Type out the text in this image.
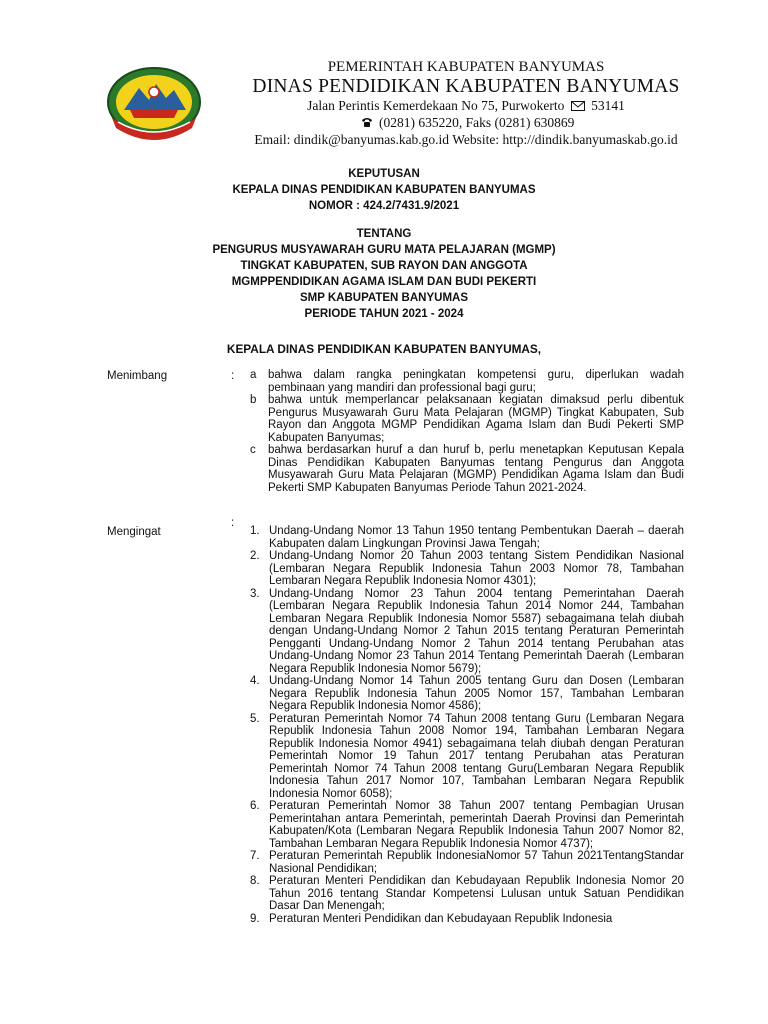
PEMERINTAH KABUPATEN BANYUMAS
DINAS PENDIDIKAN KABUPATEN BANYUMAS
Jalan Perintis Kemerdekaan No 75, Purwokerto 53141
(0281) 635220, Faks (0281) 630869
Email: dindik@banyumas.kab.go.id Website: http://dindik.banyumaskab.go.id
KEPUTUSAN
KEPALA DINAS PENDIDIKAN KABUPATEN BANYUMAS
NOMOR : 424.2/7431.9/2021
TENTANG
PENGURUS MUSYAWARAH GURU MATA PELAJARAN (MGMP)
TINGKAT KABUPATEN, SUB RAYON DAN ANGGOTA
MGMPPENDIDIKAN AGAMA ISLAM DAN BUDI PEKERTI
SMP KABUPATEN BANYUMAS
PERIODE TAHUN 2021 - 2024
KEPALA DINAS PENDIDIKAN KABUPATEN BANYUMAS,
Menimbang	: a bahwa dalam rangka peningkatan kompetensi guru, diperlukan wadah pembinaan yang mandiri dan professional bagi guru;
b bahwa untuk memperlancar pelaksanaan kegiatan dimaksud perlu dibentuk Pengurus Musyawarah Guru Mata Pelajaran (MGMP) Tingkat Kabupaten, Sub Rayon dan Anggota MGMP Pendidikan Agama Islam dan Budi Pekerti SMP Kabupaten Banyumas;
c bahwa berdasarkan huruf a dan huruf b, perlu menetapkan Keputusan Kepala Dinas Pendidikan Kabupaten Banyumas tentang Pengurus dan Anggota Musyawarah Guru Mata Pelajaran (MGMP) Pendidikan Agama Islam dan Budi Pekerti SMP Kabupaten Banyumas Periode Tahun 2021-2024.
Mengingat
:
1. Undang-Undang Nomor 13 Tahun 1950 tentang Pembentukan Daerah – daerah Kabupaten dalam Lingkungan Provinsi Jawa Tengah;
2. Undang-Undang Nomor 20 Tahun 2003 tentang Sistem Pendidikan Nasional (Lembaran Negara Republik Indonesia Tahun 2003 Nomor 78, Tambahan Lembaran Negara Republik Indonesia Nomor 4301);
3. Undang-Undang Nomor 23 Tahun 2004 tentang Pemerintahan Daerah (Lembaran Negara Republik Indonesia Tahun 2014 Nomor 244, Tambahan Lembaran Negara Republik Indonesia Nomor 5587) sebagaimana telah diubah dengan Undang-Undang Nomor 2 Tahun 2015 tentang Peraturan Pemerintah Pengganti Undang-Undang Nomor 2 Tahun 2014 tentang Perubahan atas Undang-Undang Nomor 23 Tahun 2014 Tentang Pemerintah Daerah (Lembaran Negara Republik Indonesia Nomor 5679);
4. Undang-Undang Nomor 14 Tahun 2005 tentang Guru dan Dosen (Lembaran Negara Republik Indonesia Tahun 2005 Nomor 157, Tambahan Lembaran Negara Republik Indonesia Nomor 4586);
5. Peraturan Pemerintah Nomor 74 Tahun 2008 tentang Guru (Lembaran Negara Republik Indonesia Tahun 2008 Nomor 194, Tambahan Lembaran Negara Republik Indonesia Nomor 4941) sebagaimana telah diubah dengan Peraturan Pemerintah Nomor 19 Tahun 2017 tentang Perubahan atas Peraturan Pemerintah Nomor 74 Tahun 2008 tentang Guru(Lembaran Negara Republik Indonesia Tahun 2017 Nomor 107, Tambahan Lembaran Negara Republik Indonesia Nomor 6058);
6. Peraturan Pemerintah Nomor 38 Tahun 2007 tentang Pembagian Urusan Pemerintahan antara Pemerintah, pemerintah Daerah Provinsi dan Pemerintah Kabupaten/Kota (Lembaran Negara Republik Indonesia Tahun 2007 Nomor 82, Tambahan Lembaran Negara Republik Indonesia Nomor 4737);
7. Peraturan Pemerintah Republik IndonesiaNomor 57 Tahun 2021TentangStandar Nasional Pendidikan;
8. Peraturan Menteri Pendidikan dan Kebudayaan Republik Indonesia Nomor 20 Tahun 2016 tentang Standar Kompetensi Lulusan untuk Satuan Pendidikan Dasar Dan Menengah;
9. Peraturan Menteri Pendidikan dan Kebudayaan Republik Indonesia
